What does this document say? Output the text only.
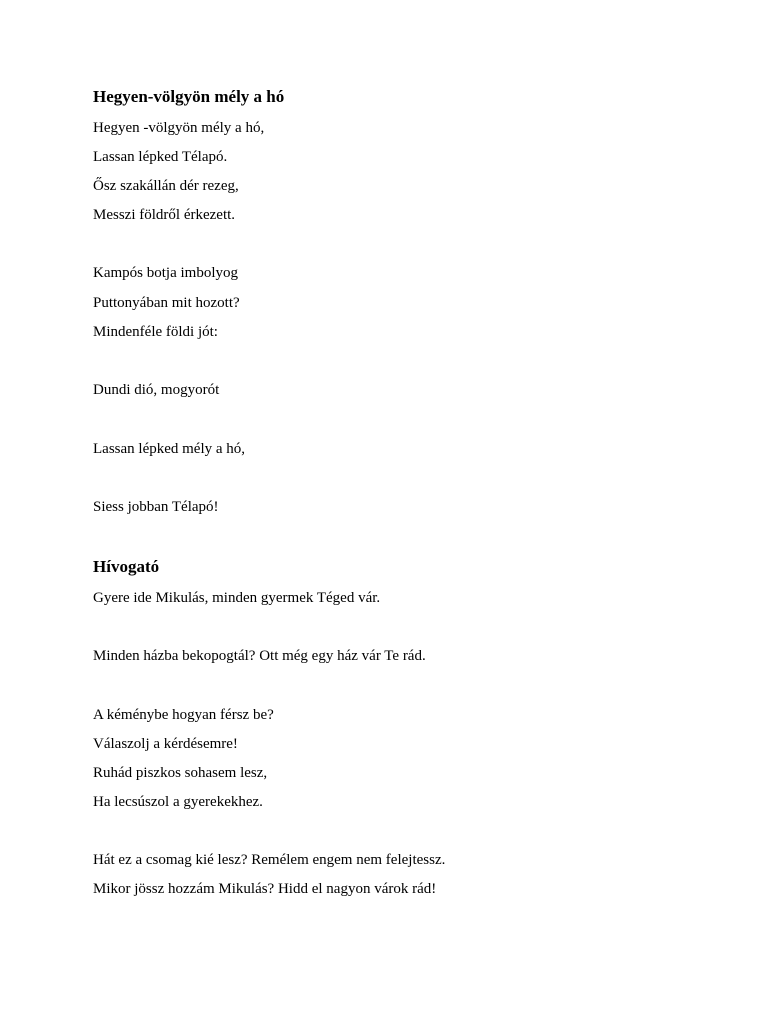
Hegyen-völgyön mély a hó
Hegyen -völgyön mély a hó,
Lassan lépked Télapó.
Ősz szakállán dér rezeg,
Messzi földről érkezett.
Kampós botja imbolyog
Puttonyában mit hozott?
Mindenféle földi jót:
Dundi dió, mogyorót
Lassan lépked mély a hó,
Siess jobban Télapó!
Hívogató
Gyere ide Mikulás, minden gyermek Téged vár.
Minden házba bekopogtál? Ott még egy ház vár Te rád.
A kéménybe hogyan férsz be?
Válaszolj a kérdésemre!
Ruhád piszkos sohasem lesz,
Ha lecsúszol a gyerekekhez.
Hát ez a csomag kié lesz? Remélem engem nem felejtessz.
Mikor jössz hozzám Mikulás? Hidd el nagyon várok rád!
